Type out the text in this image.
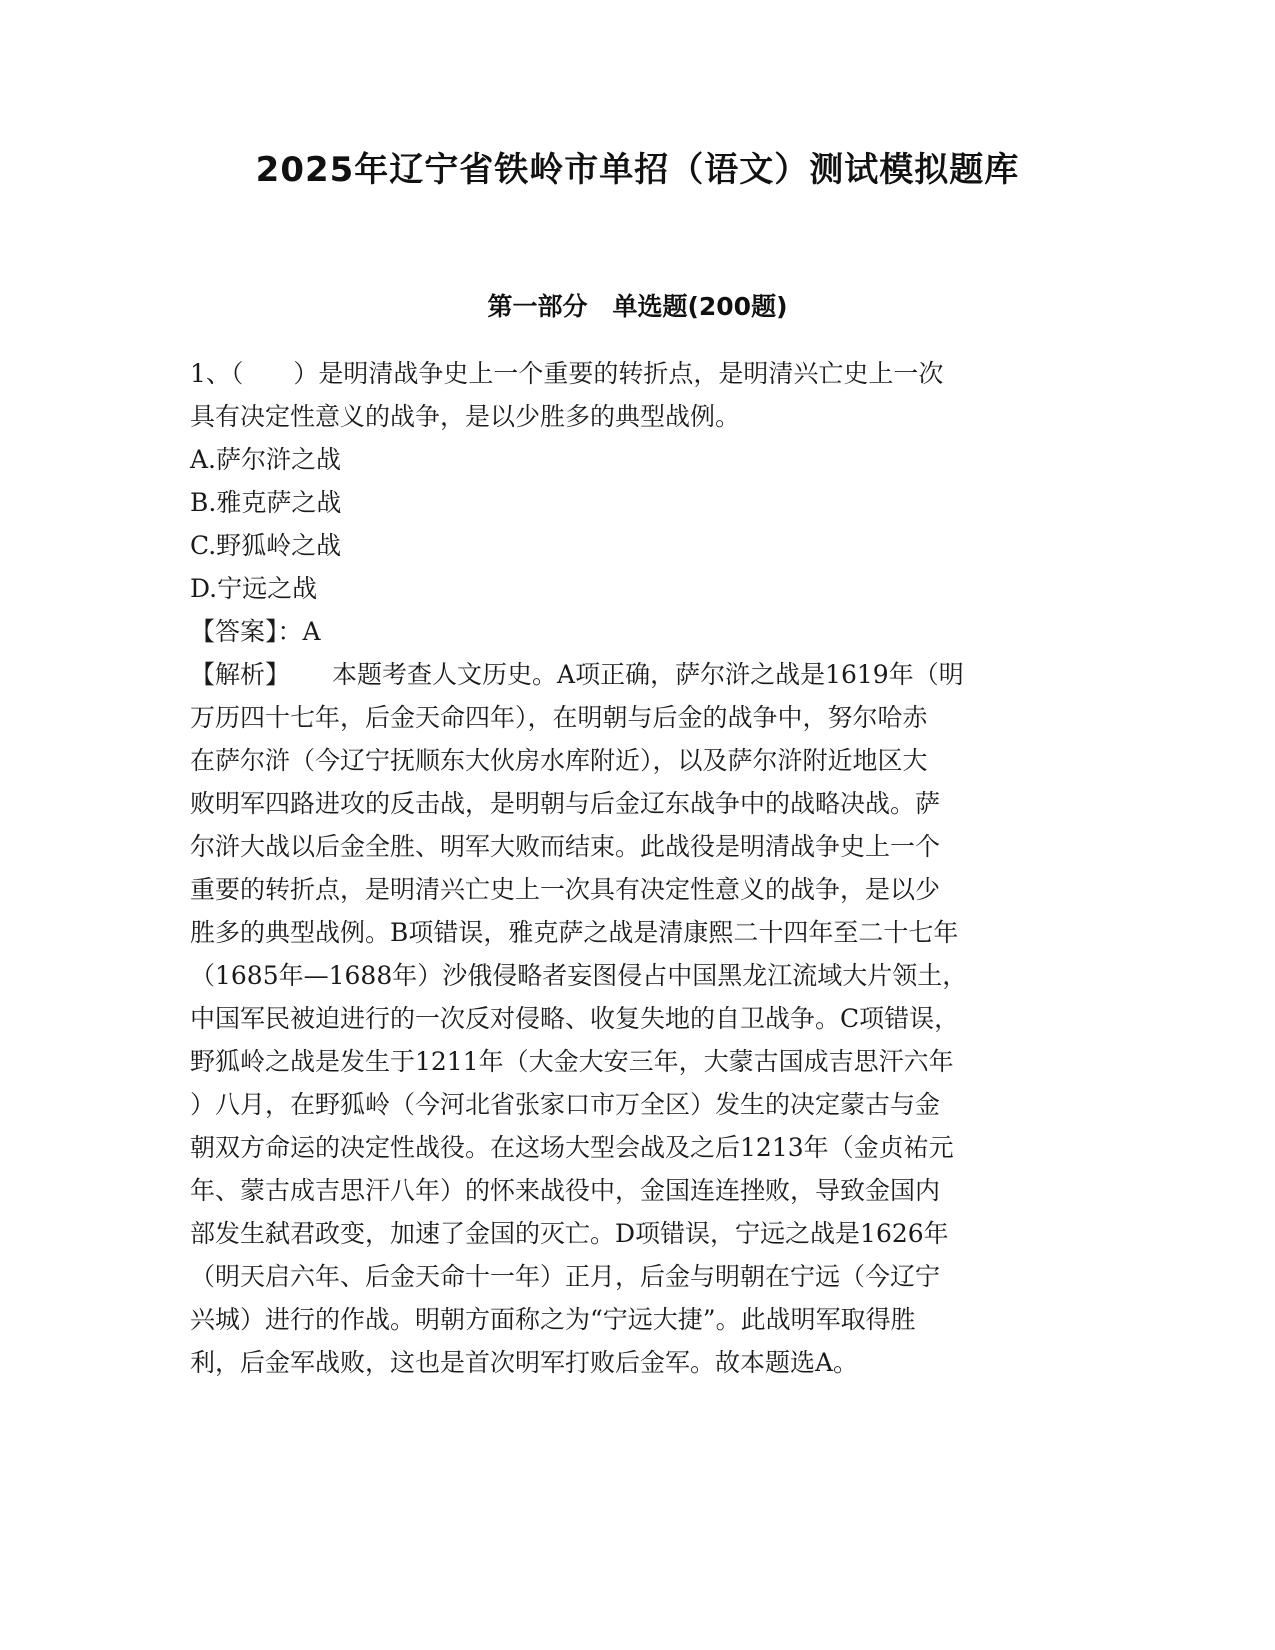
2025年辽宁省铁岭市单招（语文）测试模拟题库
第一部分　单选题(200题)
1、（　　）是明清战争史上一个重要的转折点，是明清兴亡史上一次
具有决定性意义的战争，是以少胜多的典型战例。
A.萨尔浒之战
B.雅克萨之战
C.野狐岭之战
D.宁远之战
【答案】：A
【解析】 本题考查人文历史。A项正确，萨尔浒之战是1619年（明
万历四十七年，后金天命四年），在明朝与后金的战争中，努尔哈赤
在萨尔浒（今辽宁抚顺东大伙房水库附近），以及萨尔浒附近地区大
败明军四路进攻的反击战，是明朝与后金辽东战争中的战略决战。萨
尔浒大战以后金全胜、明军大败而结束。此战役是明清战争史上一个
重要的转折点，是明清兴亡史上一次具有决定性意义的战争，是以少
胜多的典型战例。B项错误，雅克萨之战是清康熙二十四年至二十七年
（1685年—1688年）沙俄侵略者妄图侵占中国黑龙江流域大片领土，
中国军民被迫进行的一次反对侵略、收复失地的自卫战争。C项错误，
野狐岭之战是发生于1211年（大金大安三年，大蒙古国成吉思汗六年
）八月，在野狐岭（今河北省张家口市万全区）发生的决定蒙古与金
朝双方命运的决定性战役。在这场大型会战及之后1213年（金贞祐元
年、蒙古成吉思汗八年）的怀来战役中，金国连连挫败，导致金国内
部发生弑君政变，加速了金国的灭亡。D项错误，宁远之战是1626年
（明天启六年、后金天命十一年）正月，后金与明朝在宁远（今辽宁
兴城）进行的作战。明朝方面称之为“宁远大捷”。此战明军取得胜
利，后金军战败，这也是首次明军打败后金军。故本题选A。
